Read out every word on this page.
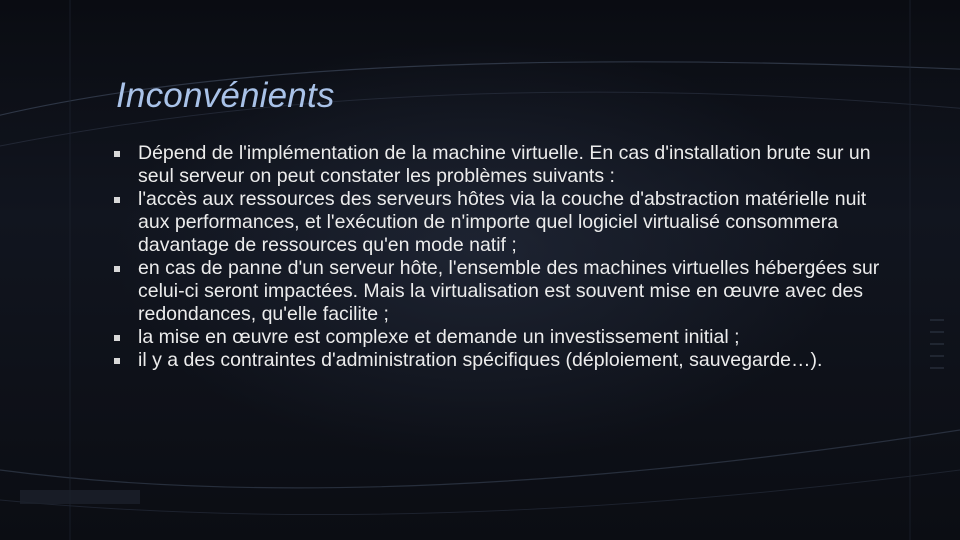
Inconvénients
Dépend de l'implémentation de la machine virtuelle. En cas d'installation brute sur un seul serveur on peut constater les problèmes suivants :
l'accès aux ressources des serveurs hôtes via la couche d'abstraction matérielle nuit aux performances, et l'exécution de n'importe quel logiciel virtualisé consommera davantage de ressources qu'en mode natif ;
en cas de panne d'un serveur hôte, l'ensemble des machines virtuelles hébergées sur celui-ci seront impactées. Mais la virtualisation est souvent mise en œuvre avec des redondances, qu'elle facilite ;
la mise en œuvre est complexe et demande un investissement initial ;
il y a des contraintes d'administration spécifiques (déploiement, sauvegarde…).
